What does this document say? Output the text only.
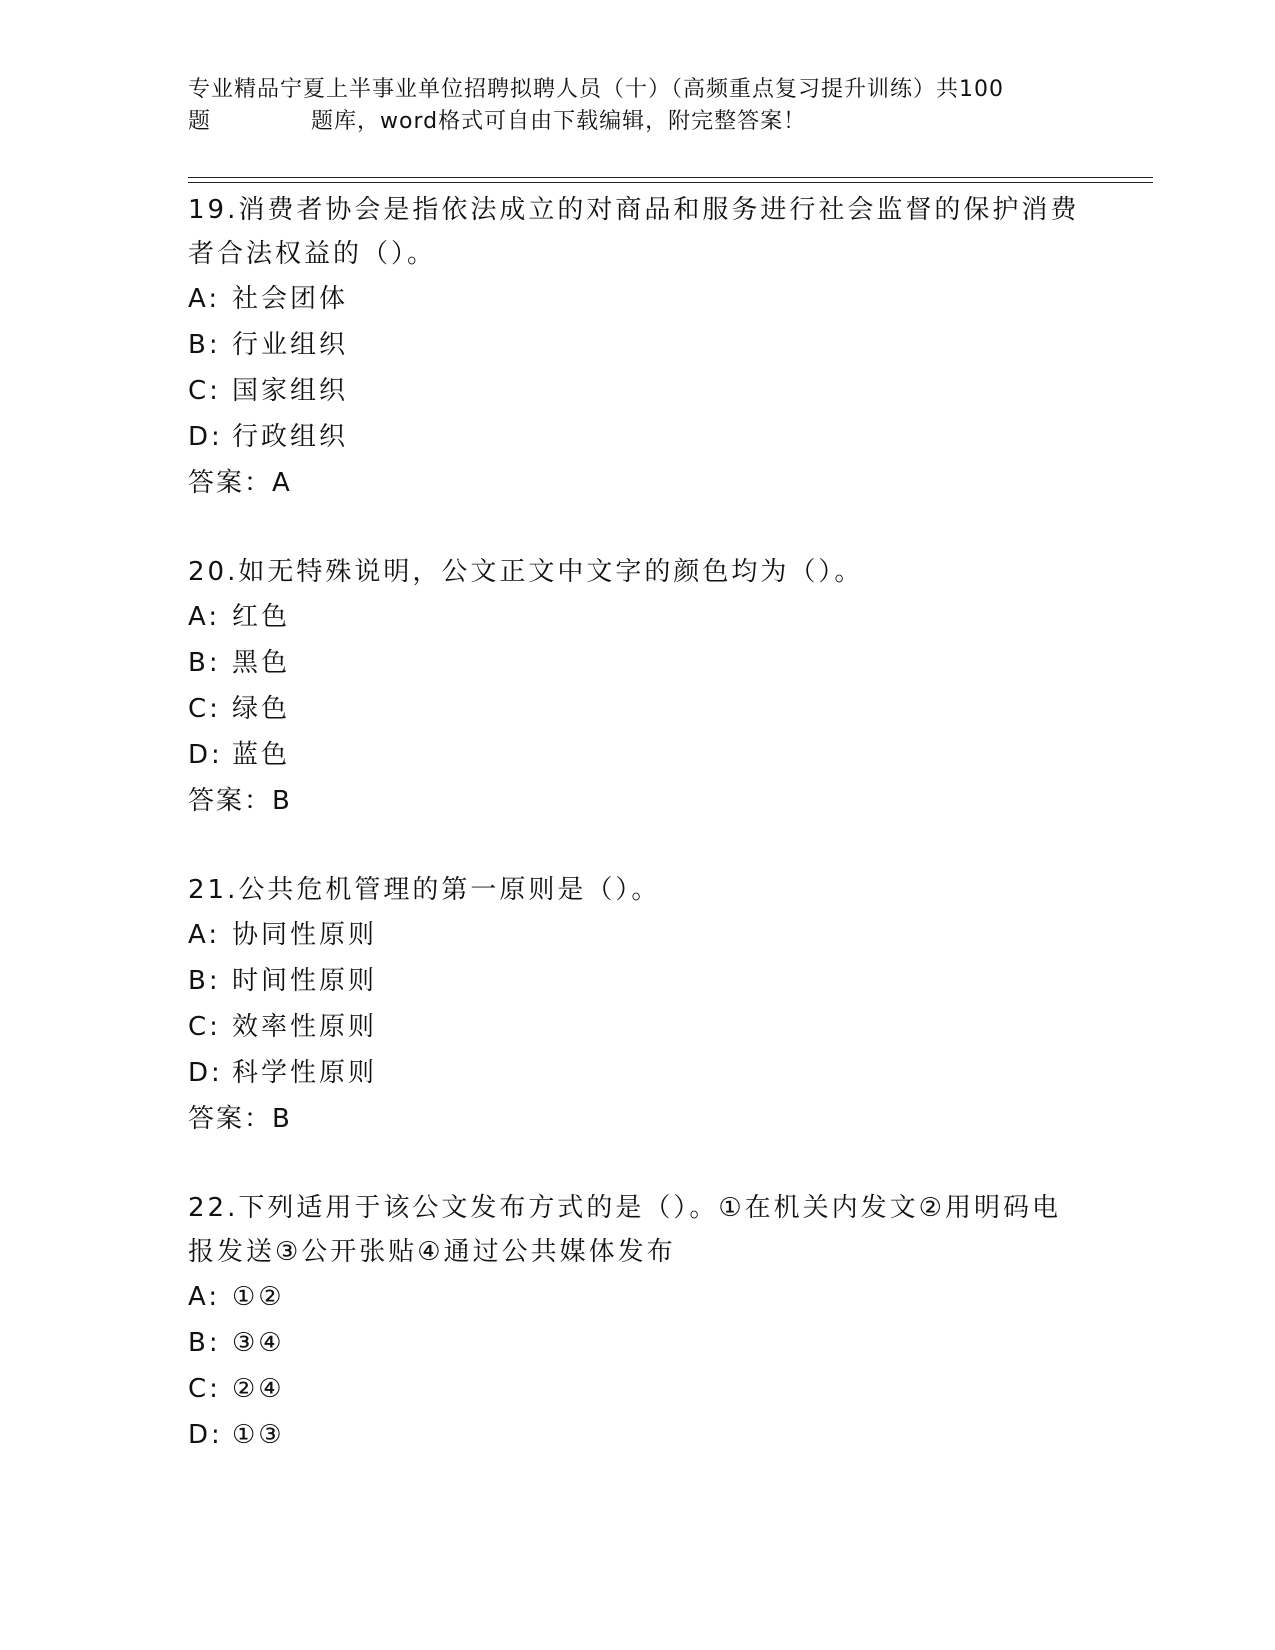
专业精品宁夏上半事业单位招聘拟聘人员（十）（高频重点复习提升训练）共100
题	题库，word格式可自由下载编辑，附完整答案！

19.消费者协会是指依法成立的对商品和服务进行社会监督的保护消费

者合法权益的（）。

A: 社会团体

B: 行业组织

C: 国家组织

D: 行政组织

答案：A

20.如无特殊说明，公文正文中文字的颜色均为（）。

A: 红色

B: 黑色

C: 绿色

D: 蓝色

答案：B

21.公共危机管理的第一原则是（）。

A: 协同性原则

B: 时间性原则

C: 效率性原则

D: 科学性原则

答案：B

22.下列适用于该公文发布方式的是（）。①在机关内发文②用明码电

报发送③公开张贴④通过公共媒体发布

A: ①②

B: ③④

C: ②④

D: ①③
